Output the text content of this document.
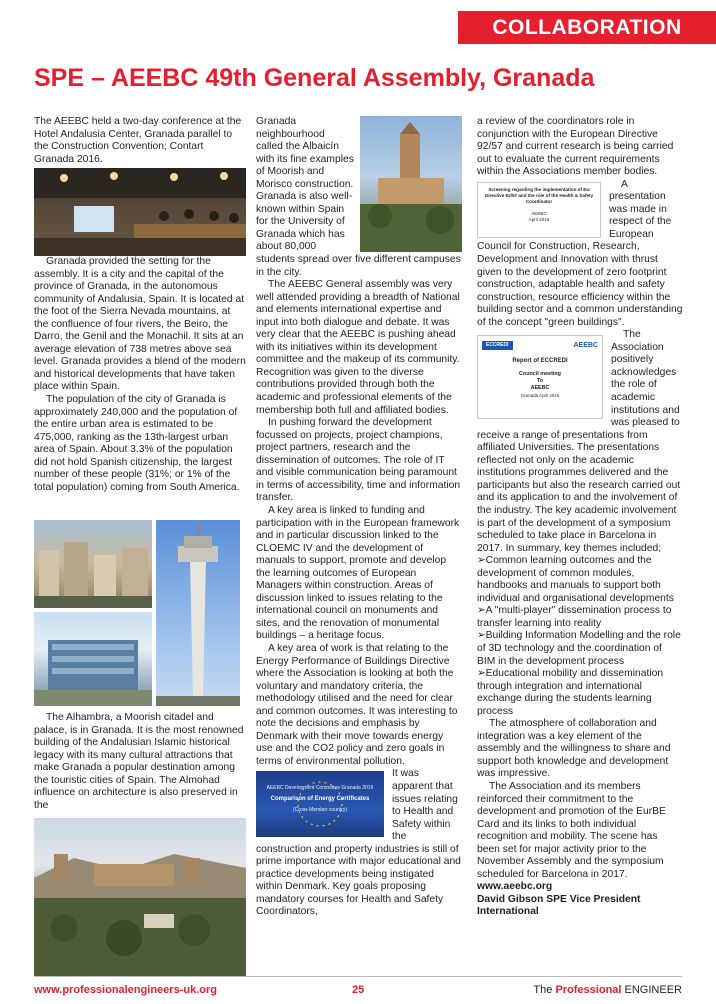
COLLABORATION
SPE – AEEBC 49th General Assembly, Granada

The AEEBC held a two-day conference at the Hotel Andalusia Center, Granada parallel to the Construction Convention; Contart Granada 2016.

Granada provided the setting for the assembly. It is a city and the capital of the province of Granada, in the autonomous community of Andalusia, Spain. It is located at the foot of the Sierra Nevada mountains, at the confluence of four rivers, the Beiro, the Darro, the Genil and the Monachil. It sits at an average elevation of 738 metres above sea level. Granada provides a blend of the modern and historical developments that have taken place within Spain.

The population of the city of Granada is approximately 240,000 and the population of the entire urban area is estimated to be 475,000, ranking as the 13th-largest urban area of Spain. About 3.3% of the population did not hold Spanish citizenship, the largest number of these people (31%; or 1% of the total population) coming from South America.

The Alhambra, a Moorish citadel and palace, is in Granada. It is the most renowned building of the Andalusian Islamic historical legacy with its many cultural attractions that make Granada a popular destination among the touristic cities of Spain. The Almohad influence on architecture is also preserved in the

Granada neighbourhood called the Albaicín with its fine examples of Moorish and Morisco construction. Granada is also well-known within Spain for the University of Granada which has about 80,000 students spread over five different campuses in the city.

The AEEBC General assembly was very well attended providing a breadth of National and elements international expertise and input into both dialogue and debate. It was very clear that the AEEBC is pushing ahead with its initiatives within its development committee and the makeup of its community. Recognition was given to the diverse contributions provided through both the academic and professional elements of the membership both full and affiliated bodies.

In pushing forward the development focussed on projects, project champions, project partners, research and the dissemination of outcomes. The role of IT and visible communication being paramount in terms of accessibility, time and information transfer.

A key area is linked to funding and participation with in the European framework and in particular discussion linked to the CLOEMC IV and the development of manuals to support, promote and develop the learning outcomes of European Managers within construction. Areas of discussion linked to issues relating to the international council on monuments and sites, and the renovation of monumental buildings – a heritage focus.

A key area of work is that relating to the Energy Performance of Buildings Directive where the Association is looking at both the voluntary and mandatory criteria, the methodology utilised and the need for clear and common outcomes. It was interesting to note the decisions and emphasis by Denmark with their move towards energy use and the CO2 policy and zero goals in terms of environmental pollution.

AEEBC Development Committee Granada 2016
Comparison of Energy Certificates
(Cross Member country)

It was apparent that issues relating to Health and Safety within the construction and property industries is still of prime importance with major educational and practice developments being instigated within Denmark. Key goals proposing mandatory courses for Health and Safety Coordinators,

a review of the coordinators role in conjunction with the European Directive 92/57 and current research is being carried out to evaluate the current requirements within the Associations member bodies.

Screening regarding the implementation of EU Directive 92/57 and the role of the Health & Safety Coordinator
AEEBC
April 2016

A presentation was made in respect of the European Council for Construction, Research, Development and Innovation with thrust given to the development of zero footprint construction, adaptable health and safety construction, resource efficiency within the building sector and a common understanding of the concept "green buildings".

ECCREDI	AEEBC
Report of ECCREDI
Council meeting
To
AEEBC
Granada April 2016

The Association positively acknowledges the role of academic institutions and was pleased to receive a range of presentations from affiliated Universities. The presentations reflected not only on the academic institutions programmes delivered and the participants but also the research carried out and its application to and the involvement of the industry. The key academic involvement is part of the development of a symposium scheduled to take place in Barcelona in 2017. In summary, key themes included;

➢Common learning outcomes and the development of common modules, handbooks and manuals to support both individual and organisational developments

➢A "multi-player" dissemination process to transfer learning into reality

➢Building Information Modelling and the role of 3D technology and the coordination of BIM in the development process

➢Educational mobility and dissemination through integration and international exchange during the students learning process

The atmosphere of collaboration and integration was a key element of the assembly and the willingness to share and support both knowledge and development was impressive.

The Association and its members reinforced their commitment to the development and promotion of the EurBE Card and its links to both individual recognition and mobility. The scene has been set for major activity prior to the November Assembly and the symposium scheduled for Barcelona in 2017.

www.aeebc.org

David Gibson SPE Vice President International

www.professionalengineers-uk.org	25	The Professional ENGINEER
